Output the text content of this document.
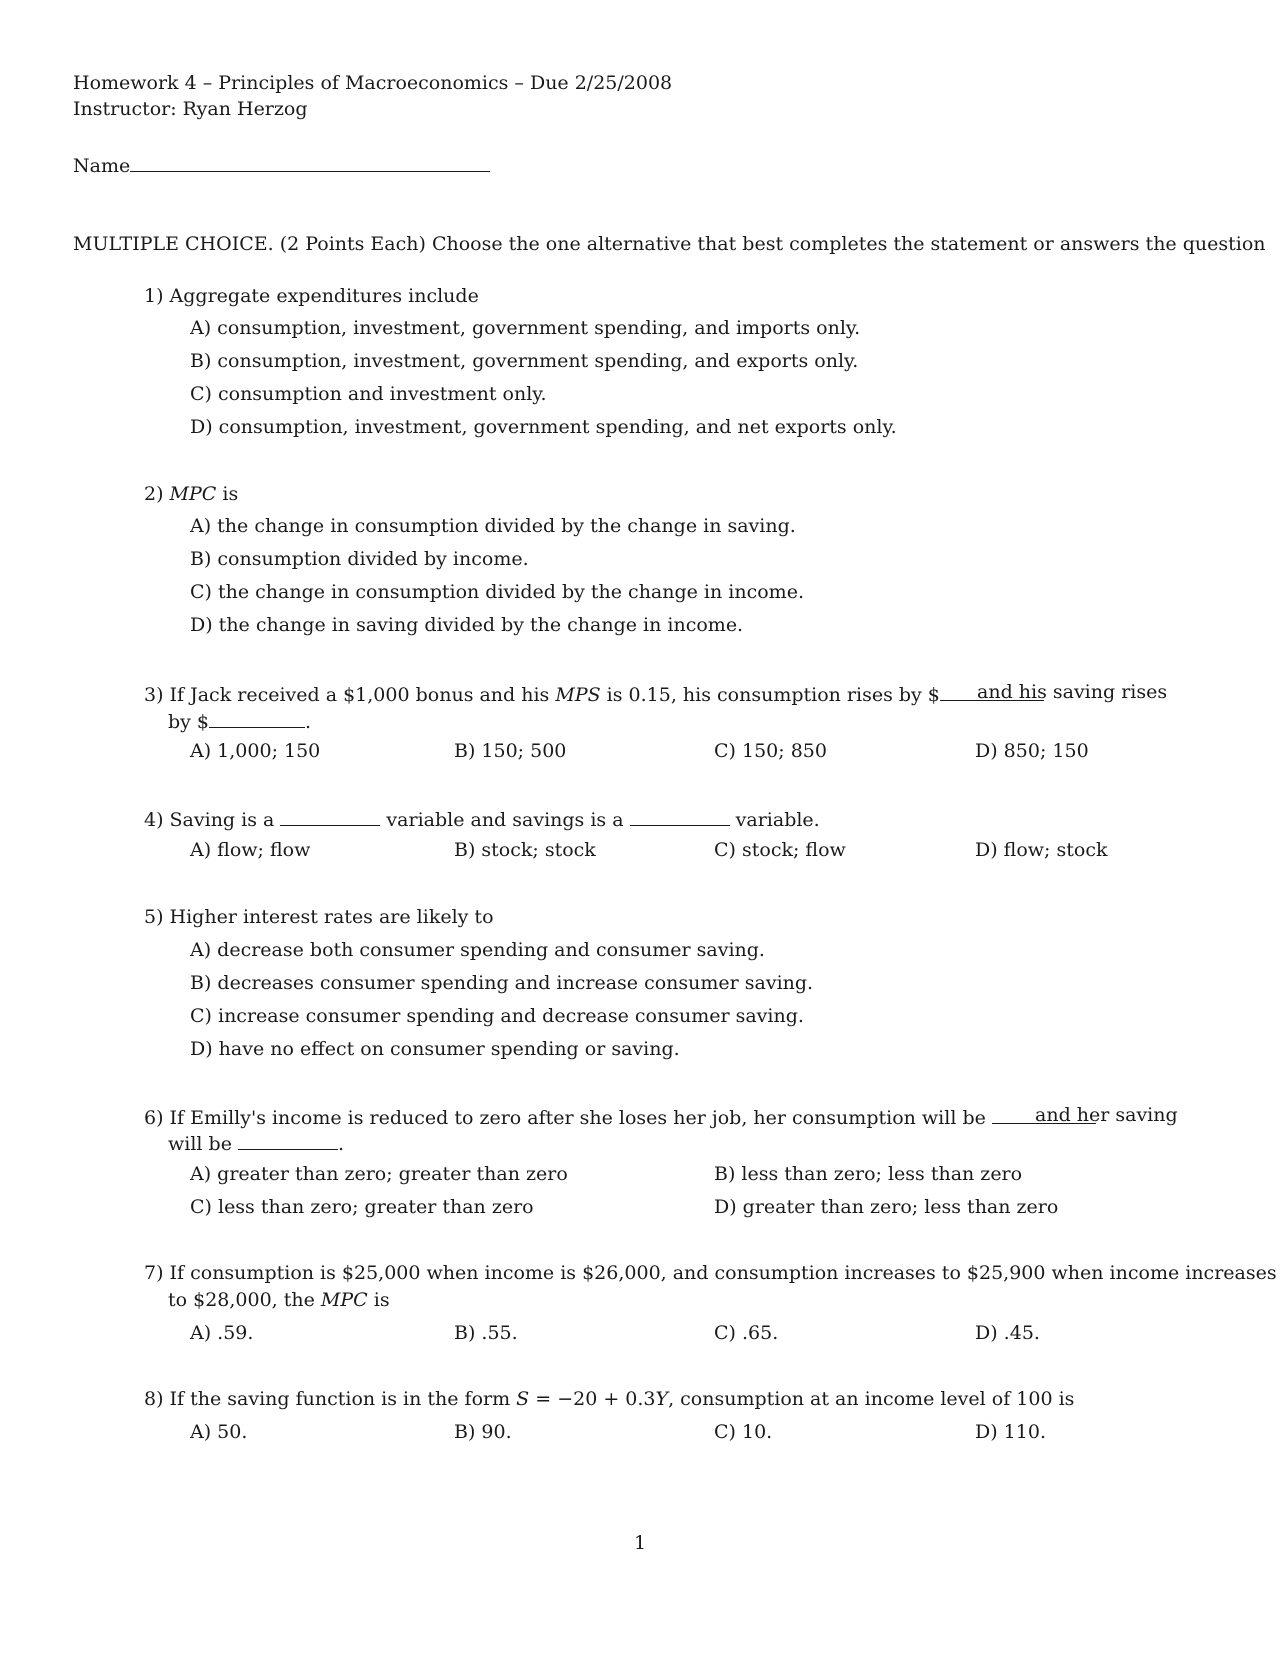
Homework 4 – Principles of Macroeconomics – Due 2/25/2008
Instructor: Ryan Herzog
Name
MULTIPLE CHOICE. (2 Points Each) Choose the one alternative that best completes the statement or answers the question
1) Aggregate expenditures include
A) consumption, investment, government spending, and imports only.
B) consumption, investment, government spending, and exports only.
C) consumption and investment only.
D) consumption, investment, government spending, and net exports only.
2) MPC is
A) the change in consumption divided by the change in saving.
B) consumption divided by income.
C) the change in consumption divided by the change in income.
D) the change in saving divided by the change in income.
3) If Jack received a $1,000 bonus and his MPS is 0.15, his consumption rises by $	and his saving rises
by $	.
A) 1,000; 150	B) 150; 500	C) 150; 850	D) 850; 150
4) Saving is a	variable and savings is a	variable.
A) flow; flow	B) stock; stock	C) stock; flow	D) flow; stock
5) Higher interest rates are likely to
A) decrease both consumer spending and consumer saving.
B) decreases consumer spending and increase consumer saving.
C) increase consumer spending and decrease consumer saving.
D) have no effect on consumer spending or saving.
6) If Emilly's income is reduced to zero after she loses her job, her consumption will be	and her saving
will be	.
A) greater than zero; greater than zero	B) less than zero; less than zero
C) less than zero; greater than zero	D) greater than zero; less than zero
7) If consumption is $25,000 when income is $26,000, and consumption increases to $25,900 when income increases
to $28,000, the MPC is
A) .59.	B) .55.	C) .65.	D) .45.
8) If the saving function is in the form S = −20 + 0.3Y, consumption at an income level of 100 is
A) 50.	B) 90.	C) 10.	D) 110.
1
